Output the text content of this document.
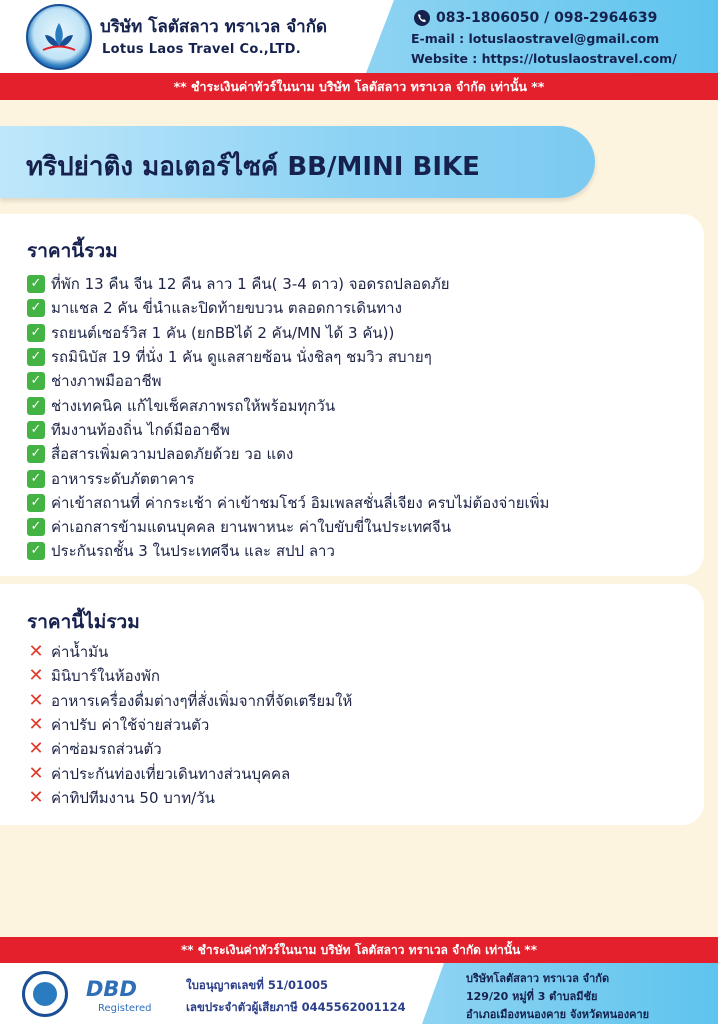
บริษัท โลตัสลาว ทราเวล จำกัด
Lotus Laos Travel Co.,LTD.
083-1806050 / 098-2964639
E-mail : lotuslaostravel@gmail.com
Website : https://lotuslaostravel.com/
** ชำระเงินค่าทัวร์ในนาม บริษัท โลตัสลาว ทราเวล จำกัด เท่านั้น **
ทริปย่าติง มอเตอร์ไซค์ BB/MINI BIKE
ราคานี้รวม
✓ ที่พัก 13 คืน จีน 12 คืน ลาว 1 คืน( 3-4 ดาว) จอดรถปลอดภัย
✓ มาแชล 2 คัน ขี่นำและปิดท้ายขบวน ตลอดการเดินทาง
✓ รถยนต์เซอร์วิส 1 คัน (ยกBBได้ 2 คัน/MN ได้ 3 คัน))
✓ รถมินิบัส 19 ที่นั่ง 1 คัน ดูแลสายซ้อน นั่งชิลๆ ชมวิว สบายๆ
✓ ช่างภาพมืออาชีพ
✓ ช่างเทคนิค แก้ไขเช็คสภาพรถให้พร้อมทุกวัน
✓ ทีมงานท้องถิ่น ไกด์มืออาชีพ
✓ สื่อสารเพิ่มความปลอดภัยด้วย วอ แดง
✓ อาหารระดับภัตตาคาร
✓ ค่าเข้าสถานที่ ค่ากระเช้า ค่าเข้าชมโชว์ อิมเพลสชั่นลี่เจียง ครบไม่ต้องจ่ายเพิ่ม
✓ ค่าเอกสารข้ามแดนบุคคล ยานพาหนะ ค่าใบขับขี่ในประเทศจีน
✓ ประกันรถชั้น 3 ในประเทศจีน และ สปป ลาว
ราคานี้ไม่รวม
✕ ค่าน้ำมัน
✕ มินิบาร์ในห้องพัก
✕ อาหารเครื่องดื่มต่างๆที่สั่งเพิ่มจากที่จัดเตรียมให้
✕ ค่าปรับ ค่าใช้จ่ายส่วนตัว
✕ ค่าซ่อมรถส่วนตัว
✕ ค่าประกันท่องเที่ยวเดินทางส่วนบุคคล
✕ ค่าทิปทีมงาน 50 บาท/วัน
** ชำระเงินค่าทัวร์ในนาม บริษัท โลตัสลาว ทราเวล จำกัด เท่านั้น **
DBD
Registered
ใบอนุญาตเลขที่ 51/01005
เลขประจำตัวผู้เสียภาษี 0445562001124
บริษัทโลตัสลาว ทราเวล จำกัด
129/20 หมู่ที่ 3 ตำบลมีชัย
อำเภอเมืองหนองคาย จังหวัดหนองคาย
